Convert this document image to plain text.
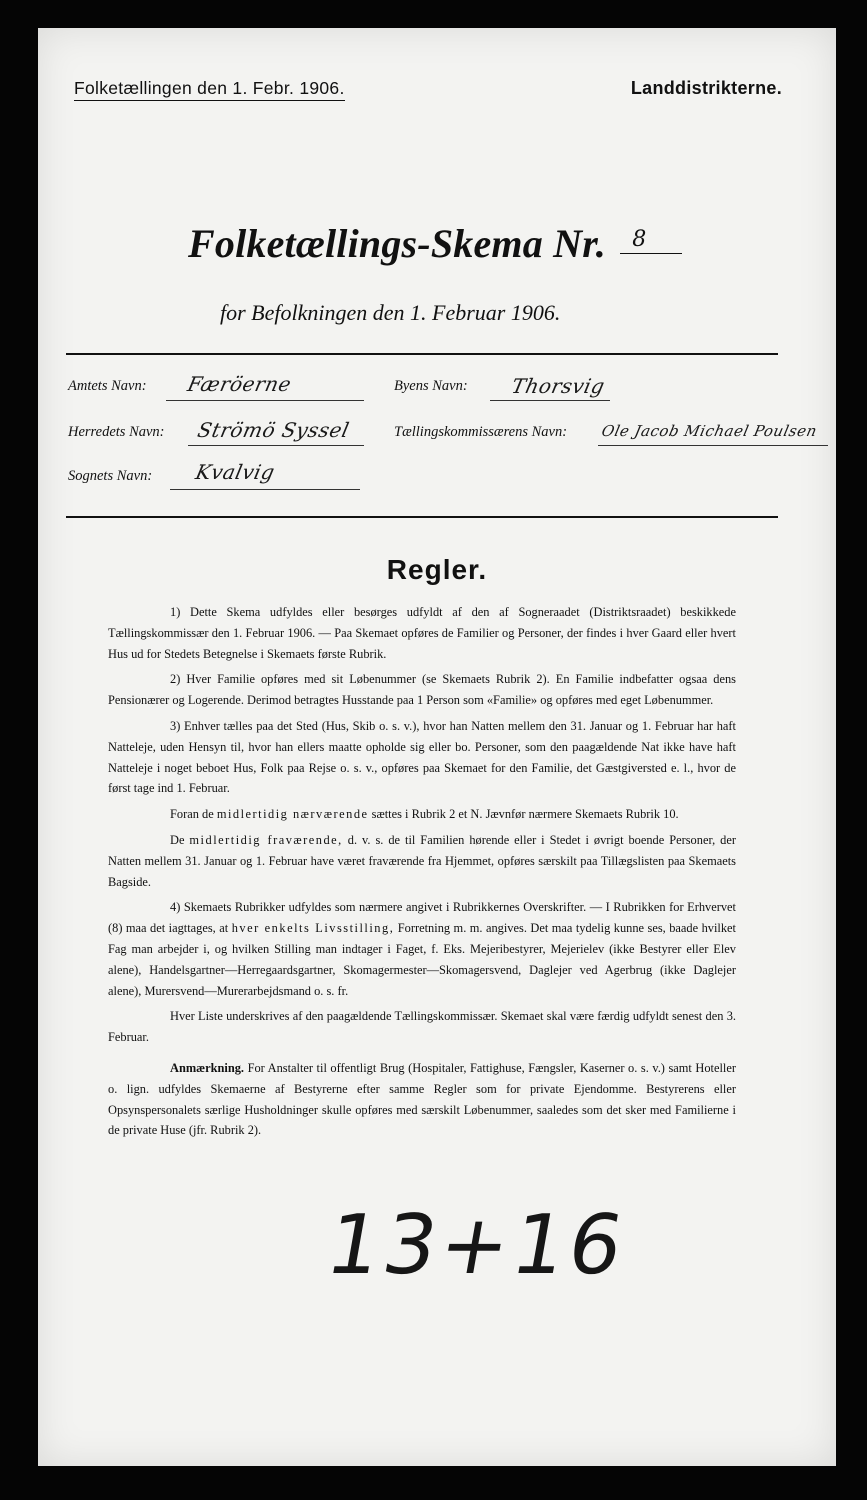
Folketællingen den 1. Febr. 1906.	Landdistrikterne.
Folketællings-Skema Nr. 8
for Befolkningen den 1. Februar 1906.
Amtets Navn: Færöerne	Byens Navn: Thorsvig
Herredets Navn: Strömö Syssel	Tællingskommissærens Navn: Ole Jacob Michael Poulsen
Sognets Navn: Kvalvig
Regler.

1) Dette Skema udfyldes eller besørges udfyldt af den af Sogneraadet (Distriktsraadet) beskikkede Tællingskommissær den 1. Februar 1906. — Paa Skemaet opføres de Familier og Personer, der findes i hver Gaard eller hvert Hus ud for Stedets Betegnelse i Skemaets første Rubrik.

2) Hver Familie opføres med sit Løbenummer (se Skemaets Rubrik 2). En Familie indbefatter ogsaa dens Pensionærer og Logerende. Derimod betragtes Husstande paa 1 Person som «Familie» og opføres med eget Løbenummer.

3) Enhver tælles paa det Sted (Hus, Skib o. s. v.), hvor han Natten mellem den 31. Januar og 1. Februar har haft Natteleje, uden Hensyn til, hvor han ellers maatte opholde sig eller bo. Personer, som den paagældende Nat ikke have haft Natteleje i noget beboet Hus, Folk paa Rejse o. s. v., opføres paa Skemaet for den Familie, det Gæstgiversted e. l., hvor de først tage ind 1. Februar.

Foran de midlertidig nærværende sættes i Rubrik 2 et N. Jævnfør nærmere Skemaets Rubrik 10.

De midlertidig fraværende, d. v. s. de til Familien hørende eller i Stedet i øvrigt boende Personer, der Natten mellem 31. Januar og 1. Februar have været fraværende fra Hjemmet, opføres særskilt paa Tillægslisten paa Skemaets Bagside.

4) Skemaets Rubrikker udfyldes som nærmere angivet i Rubrikkernes Overskrifter. — I Rubrikken for Erhvervet (8) maa det iagttages, at hver enkelts Livsstilling, Forretning m. m. angives. Det maa tydelig kunne ses, baade hvilket Fag man arbejder i, og hvilken Stilling man indtager i Faget, f. Eks. Mejeribestyrer, Mejerielev (ikke Bestyrer eller Elev alene), Handelsgartner—Herregaardsgartner, Skomagermester—Skomagersvend, Daglejer ved Agerbrug (ikke Daglejer alene), Murersvend—Murerarbejdsmand o. s. fr.

Hver Liste underskrives af den paagældende Tællingskommissær. Skemaet skal være færdig udfyldt senest den 3. Februar.

Anmærkning. For Anstalter til offentligt Brug (Hospitaler, Fattighuse, Fængsler, Kaserner o. s. v.) samt Hoteller o. lign. udfyldes Skemaerne af Bestyrerne efter samme Regler som for private Ejendomme. Bestyrerens eller Opsynspersonalets særlige Husholdninger skulle opføres med særskilt Løbenummer, saaledes som det sker med Familierne i de private Huse (jfr. Rubrik 2).

13+16
